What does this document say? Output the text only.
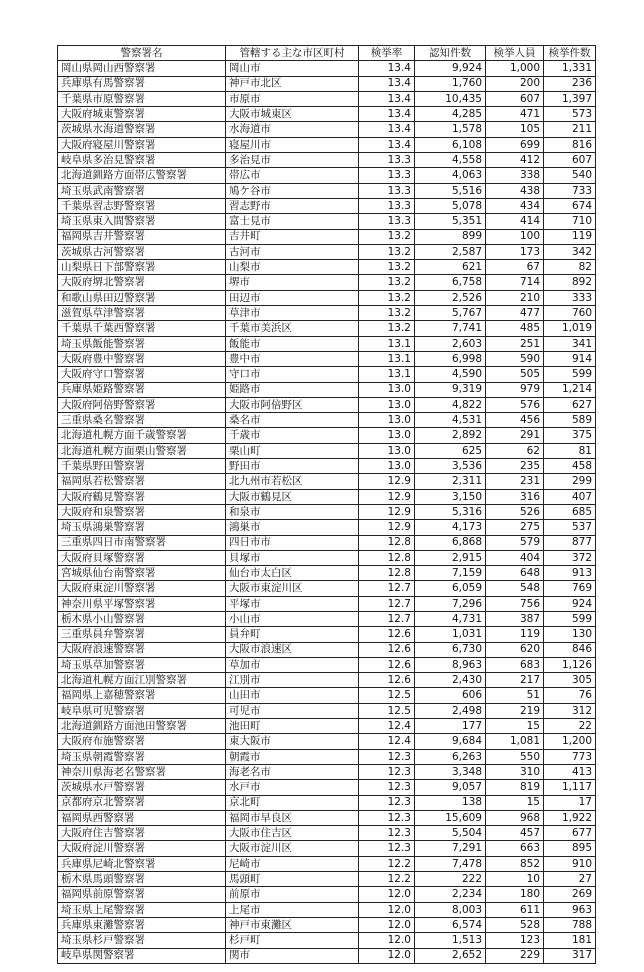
警察署名	管轄する主な市区町村	検挙率	認知件数	検挙人員	検挙件数
岡山県岡山西警察署	岡山市	13.4	9,924	1,000	1,331
兵庫県有馬警察署	神戸市北区	13.4	1,760	200	236
千葉県市原警察署	市原市	13.4	10,435	607	1,397
大阪府城東警察署	大阪市城東区	13.4	4,285	471	573
茨城県水海道警察署	水海道市	13.4	1,578	105	211
大阪府寝屋川警察署	寝屋川市	13.4	6,108	699	816
岐阜県多治見警察署	多治見市	13.3	4,558	412	607
北海道釧路方面帯広警察署	帯広市	13.3	4,063	338	540
埼玉県武南警察署	鳩ケ谷市	13.3	5,516	438	733
千葉県習志野警察署	習志野市	13.3	5,078	434	674
埼玉県東入間警察署	富士見市	13.3	5,351	414	710
福岡県吉井警察署	吉井町	13.2	899	100	119
茨城県古河警察署	古河市	13.2	2,587	173	342
山梨県日下部警察署	山梨市	13.2	621	67	82
大阪府堺北警察署	堺市	13.2	6,758	714	892
和歌山県田辺警察署	田辺市	13.2	2,526	210	333
滋賀県草津警察署	草津市	13.2	5,767	477	760
千葉県千葉西警察署	千葉市美浜区	13.2	7,741	485	1,019
埼玉県飯能警察署	飯能市	13.1	2,603	251	341
大阪府豊中警察署	豊中市	13.1	6,998	590	914
大阪府守口警察署	守口市	13.1	4,590	505	599
兵庫県姫路警察署	姫路市	13.0	9,319	979	1,214
大阪府阿倍野警察署	大阪市阿倍野区	13.0	4,822	576	627
三重県桑名警察署	桑名市	13.0	4,531	456	589
北海道札幌方面千歳警察署	千歳市	13.0	2,892	291	375
北海道札幌方面栗山警察署	栗山町	13.0	625	62	81
千葉県野田警察署	野田市	13.0	3,536	235	458
福岡県若松警察署	北九州市若松区	12.9	2,311	231	299
大阪府鶴見警察署	大阪市鶴見区	12.9	3,150	316	407
大阪府和泉警察署	和泉市	12.9	5,316	526	685
埼玉県鴻巣警察署	鴻巣市	12.9	4,173	275	537
三重県四日市南警察署	四日市市	12.8	6,868	579	877
大阪府貝塚警察署	貝塚市	12.8	2,915	404	372
宮城県仙台南警察署	仙台市太白区	12.8	7,159	648	913
大阪府東淀川警察署	大阪市東淀川区	12.7	6,059	548	769
神奈川県平塚警察署	平塚市	12.7	7,296	756	924
栃木県小山警察署	小山市	12.7	4,731	387	599
三重県員弁警察署	員弁町	12.6	1,031	119	130
大阪府浪速警察署	大阪市浪速区	12.6	6,730	620	846
埼玉県草加警察署	草加市	12.6	8,963	683	1,126
北海道札幌方面江別警察署	江別市	12.6	2,430	217	305
福岡県上嘉穂警察署	山田市	12.5	606	51	76
岐阜県可児警察署	可児市	12.5	2,498	219	312
北海道釧路方面池田警察署	池田町	12.4	177	15	22
大阪府布施警察署	東大阪市	12.4	9,684	1,081	1,200
埼玉県朝霞警察署	朝霞市	12.3	6,263	550	773
神奈川県海老名警察署	海老名市	12.3	3,348	310	413
茨城県水戸警察署	水戸市	12.3	9,057	819	1,117
京都府京北警察署	京北町	12.3	138	15	17
福岡県西警察署	福岡市早良区	12.3	15,609	968	1,922
大阪府住吉警察署	大阪市住吉区	12.3	5,504	457	677
大阪府淀川警察署	大阪市淀川区	12.3	7,291	663	895
兵庫県尼崎北警察署	尼崎市	12.2	7,478	852	910
栃木県馬頭警察署	馬頭町	12.2	222	10	27
福岡県前原警察署	前原市	12.0	2,234	180	269
埼玉県上尾警察署	上尾市	12.0	8,003	611	963
兵庫県東灘警察署	神戸市東灘区	12.0	6,574	528	788
埼玉県杉戸警察署	杉戸町	12.0	1,513	123	181
岐阜県関警察署	関市	12.0	2,652	229	317
